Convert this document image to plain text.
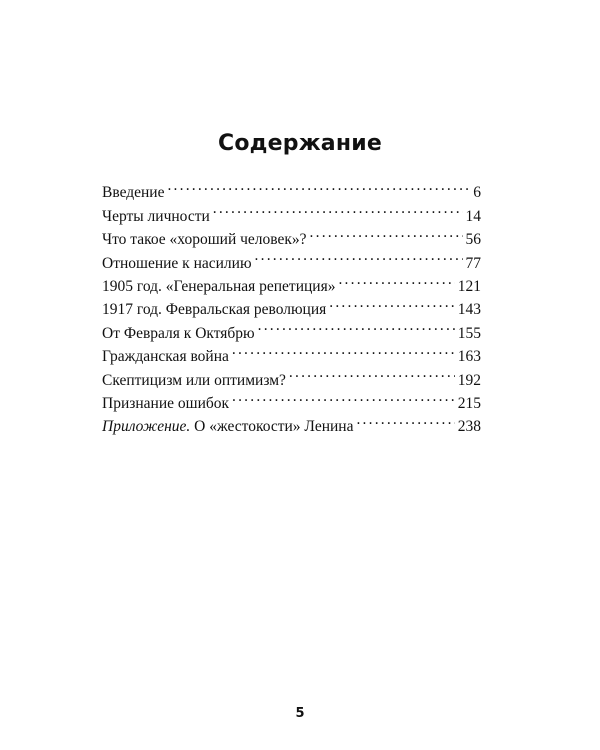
Содержание
Введение .....	6
Черты личности .....	14
Что такое «хороший человек»? .....	56
Отношение к насилию .....	77
1905 год. «Генеральная репетиция» .....	121
1917 год. Февральская революция .....	143
От Февраля к Октябрю .....	155
Гражданская война .....	163
Скептицизм или оптимизм? .....	192
Признание ошибок .....	215
Приложение. О «жестокости» Ленина .....	238
5
